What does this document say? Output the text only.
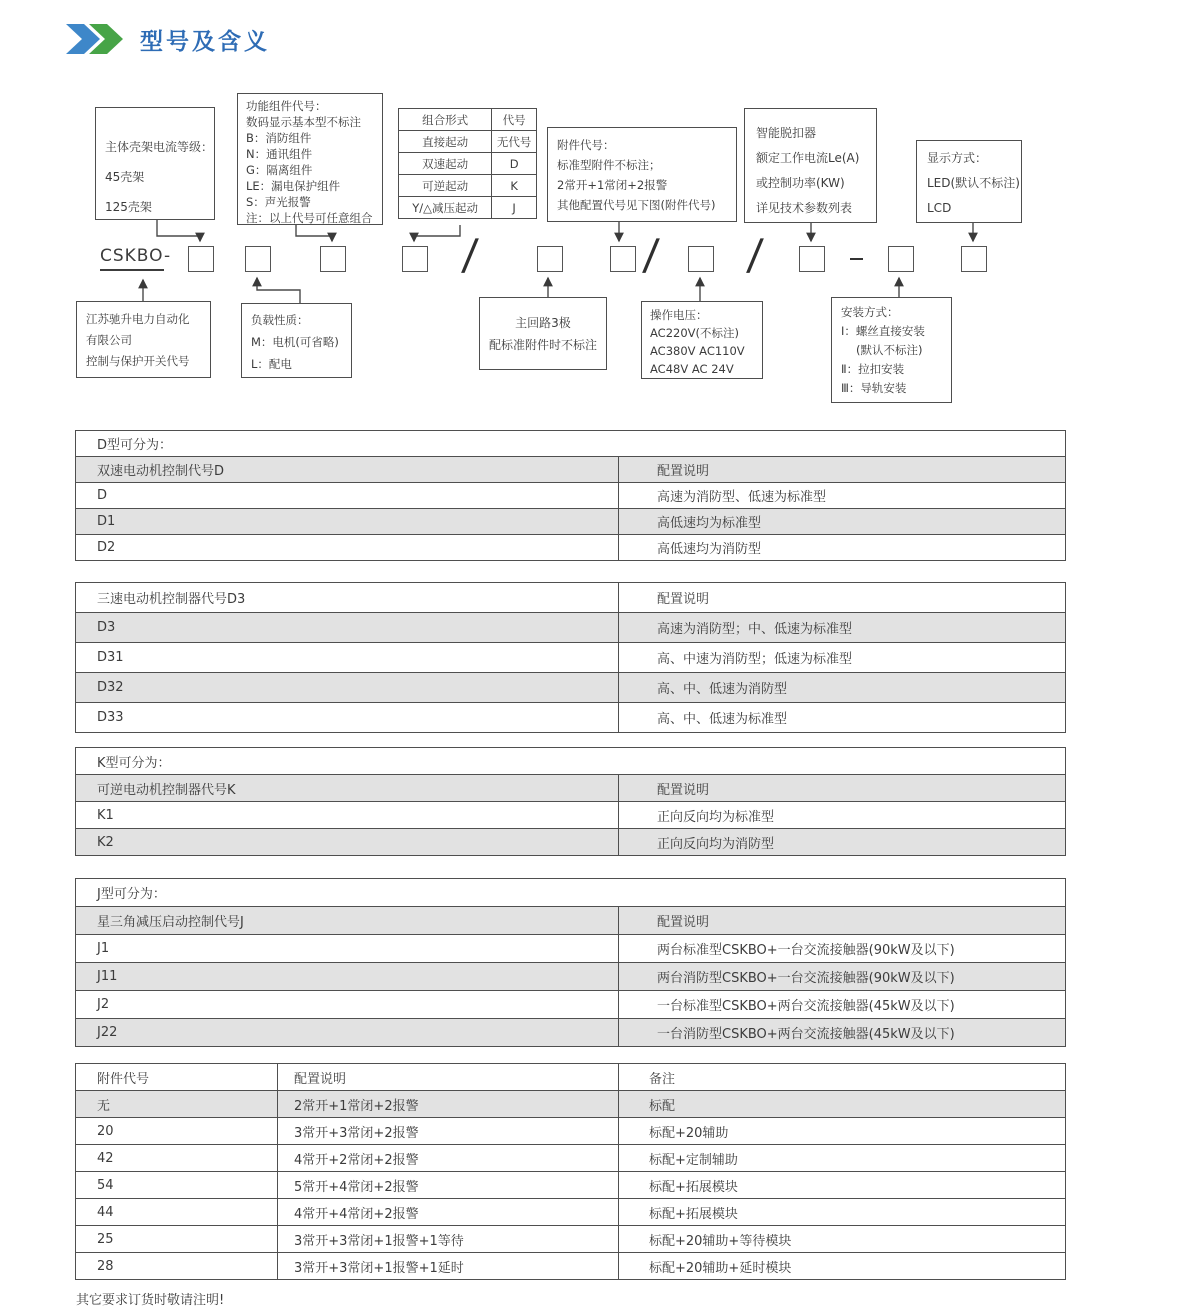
型号及含义
主体壳架电流等级：
45壳架
125壳架
功能组件代号：
数码显示基本型不标注
B：消防组件
N：通讯组件
G：隔离组件
LE：漏电保护组件
S：声光报警
注：以上代号可任意组合
组合形式	代号
直接起动	无代号
双速起动	D
可逆起动	K
Y/△减压起动	J
附件代号：
标准型附件不标注；
2常开+1常闭+2报警
其他配置代号见下图(附件代号)
智能脱扣器
额定工作电流Le(A)
或控制功率(KW)
详见技术参数列表
显示方式：
LED(默认不标注)
LCD
CSKBO-	/	/ /
江苏驰升电力自动化
有限公司
控制与保护开关代号
负载性质：
M：电机(可省略)
L：配电
主回路3极
配标准附件时不标注
操作电压：
AC220V(不标注)
AC380V AC110V
AC48V AC 24V
安装方式：
Ⅰ：螺丝直接安装
(默认不标注)
Ⅱ：拉扣安装
Ⅲ：导轨安装
D型可分为：	
双速电动机控制代号D	配置说明
D	高速为消防型、低速为标准型
D1	高低速均为标准型
D2	高低速均为消防型
三速电动机控制器代号D3	配置说明
D3	高速为消防型；中、低速为标准型
D31	高、中速为消防型；低速为标准型
D32	高、中、低速为消防型
D33	高、中、低速为标准型
K型可分为：	
可逆电动机控制器代号K	配置说明
K1	正向反向均为标准型
K2	正向反向均为消防型
J型可分为：	
星三角减压启动控制代号J	配置说明
J1	两台标准型CSKBO+一台交流接触器(90kW及以下)
J11	两台消防型CSKBO+一台交流接触器(90kW及以下)
J2	一台标准型CSKBO+两台交流接触器(45kW及以下)
J22	一台消防型CSKBO+两台交流接触器(45kW及以下)
附件代号	配置说明	备注
无	2常开+1常闭+2报警	标配
20	3常开+3常闭+2报警	标配+20辅助
42	4常开+2常闭+2报警	标配+定制辅助
54	5常开+4常闭+2报警	标配+拓展模块
44	4常开+4常闭+2报警	标配+拓展模块
25	3常开+3常闭+1报警+1等待	标配+20辅助+等待模块
28	3常开+3常闭+1报警+1延时	标配+20辅助+延时模块
其它要求订货时敬请注明!
